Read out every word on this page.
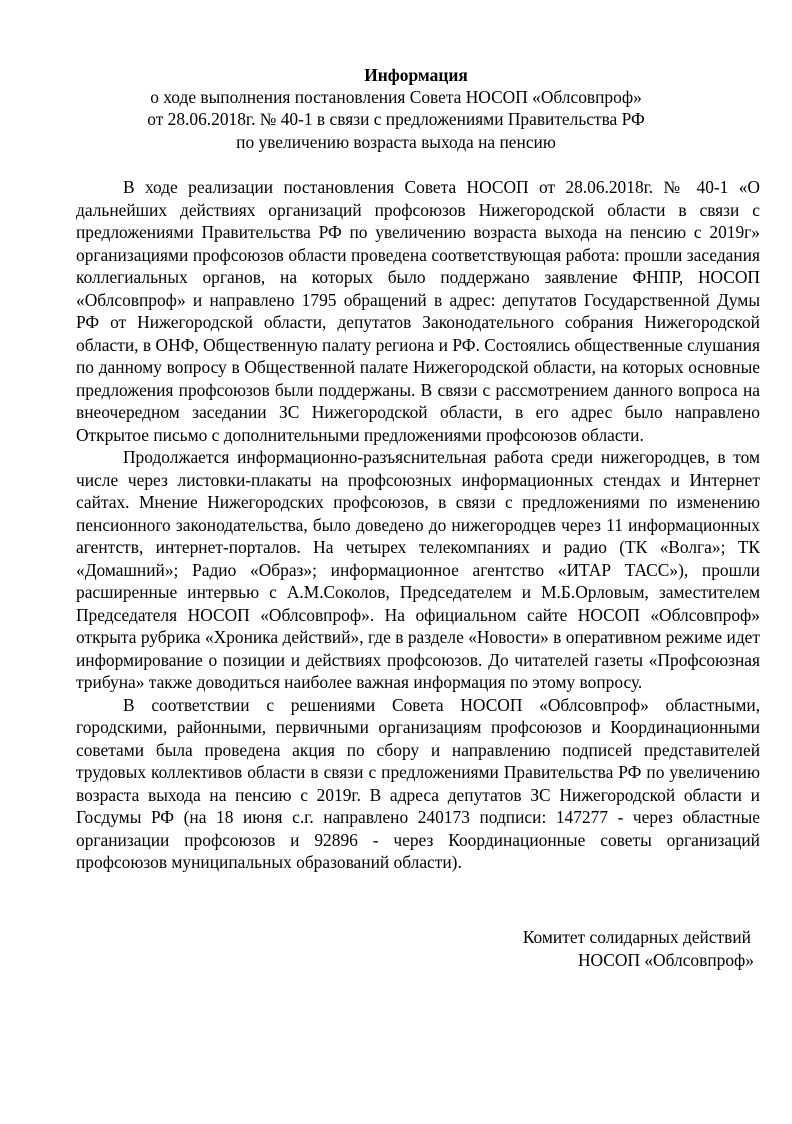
Информация
о ходе выполнения постановления Совета НОСОП «Облсовпроф»
от 28.06.2018г. № 40-1 в связи с предложениями Правительства РФ
по увеличению возраста выхода на пенсию

В ходе реализации постановления Совета НОСОП от 28.06.2018г. № 40-1 «О дальнейших действиях организаций профсоюзов Нижегородской области в связи с предложениями Правительства РФ по увеличению возраста выхода на пенсию с 2019г» организациями профсоюзов области проведена соответствующая работа: прошли заседания коллегиальных органов, на которых было поддержано заявление ФНПР, НОСОП «Облсовпроф» и направлено 1795 обращений в адрес: депутатов Государственной Думы РФ от Нижегородской области, депутатов Законодательного собрания Нижегородской области, в ОНФ, Общественную палату региона и РФ. Состоялись общественные слушания по данному вопросу в Общественной палате Нижегородской области, на которых основные предложения профсоюзов были поддержаны. В связи с рассмотрением данного вопроса на внеочередном заседании ЗС Нижегородской области, в его адрес было направлено Открытое письмо с дополнительными предложениями профсоюзов области.

Продолжается информационно-разъяснительная работа среди нижегородцев, в том числе через листовки-плакаты на профсоюзных информационных стендах и Интернет сайтах. Мнение Нижегородских профсоюзов, в связи с предложениями по изменению пенсионного законодательства, было доведено до нижегородцев через 11 информационных агентств, интернет-порталов. На четырех телекомпаниях и радио (ТК «Волга»; ТК «Домашний»; Радио «Образ»; информационное агентство «ИТАР ТАСС»), прошли расширенные интервью с А.М.Соколов, Председателем и М.Б.Орловым, заместителем Председателя НОСОП «Облсовпроф». На официальном сайте НОСОП «Облсовпроф» открыта рубрика «Хроника действий», где в разделе «Новости» в оперативном режиме идет информирование о позиции и действиях профсоюзов. До читателей газеты «Профсоюзная трибуна» также доводиться наиболее важная информация по этому вопросу.

В соответствии с решениями Совета НОСОП «Облсовпроф» областными, городскими, районными, первичными организациям профсоюзов и Координационными советами была проведена акция по сбору и направлению подписей представителей трудовых коллективов области в связи с предложениями Правительства РФ по увеличению возраста выхода на пенсию с 2019г. В адреса депутатов ЗС Нижегородской области и Госдумы РФ (на 18 июня с.г. направлено 240173 подписи: 147277 - через областные организации профсоюзов и 92896 - через Координационные советы организаций профсоюзов муниципальных образований области).

Комитет солидарных действий
НОСОП «Облсовпроф»
